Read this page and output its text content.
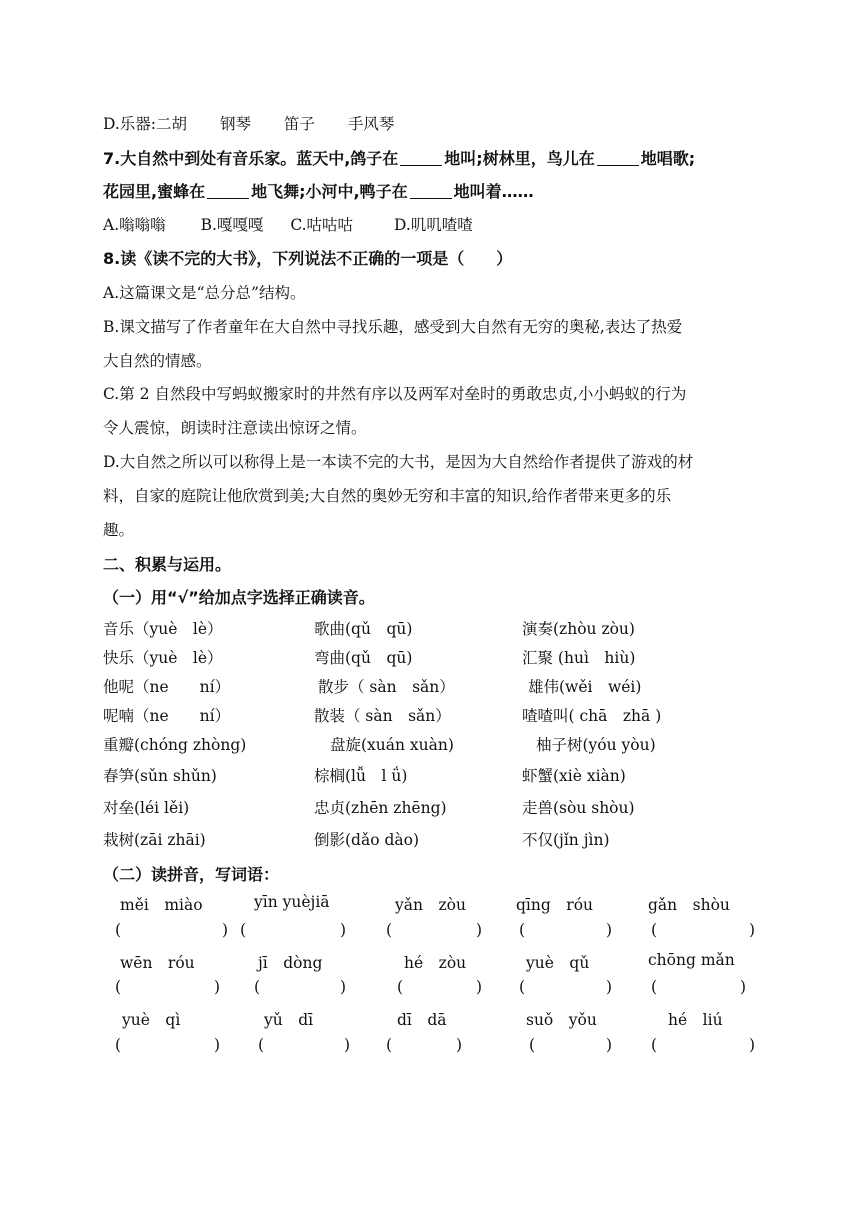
D.乐器:二胡 钢琴 笛子 手风琴
7.大自然中到处有音乐家。蓝天中,鸽子在	地叫;树林里，鸟儿在	地唱歌;
花园里,蜜蜂在	地飞舞;小河中,鸭子在	地叫着……
A.嗡嗡嗡 B.嘎嘎嘎 C.咕咕咕	D.叽叽喳喳
8.读《读不完的大书》，下列说法不正确的一项是（　　）
A.这篇课文是“总分总”结构。
B.课文描写了作者童年在大自然中寻找乐趣，感受到大自然有无穷的奥秘,表达了热爱
大自然的情感。
C.第 2 自然段中写蚂蚁搬家时的井然有序以及两军对垒时的勇敢忠贞,小小蚂蚁的行为
令人震惊，朗读时注意读出惊讶之情。
D.大自然之所以可以称得上是一本读不完的大书，是因为大自然给作者提供了游戏的材
料，自家的庭院让他欣赏到美;大自然的奥妙无穷和丰富的知识,给作者带来更多的乐
趣。
二、积累与运用。
（一）用“√”给加点字选择正确读音。
音乐（yuè　lè）	歌曲(qǔ　qū)	演奏(zhòu zòu)
快乐（yuè　lè）	弯曲(qǔ　qū)	汇聚 (huì　hiù)
他呢（ne　　ní）	散步（ sàn　sǎn）	雄伟(wěi　wéi)
呢喃（ne　　ní）	散装（ sàn　sǎn）	喳喳叫( chā　zhā )
重瓣(chóng zhòng)	盘旋(xuán xuàn)	柚子树(yóu yòu)
春笋(sǔn shǔn)	棕榈(lǚ　l ǘ)	虾蟹(xiè xiàn)
对垒(léi lěi)	忠贞(zhēn zhēng)	走兽(sòu shòu)
栽树(zāi zhāi)	倒影(dǎo dào)	不仅(jǐn jìn)
（二）读拼音，写词语：
měi　miào	yīn yuèjiā	yǎn　zòu	qīng　róu	gǎn　shòu
(	) (	)	(	) (	)	(	)
wēn　róu	jī　dòng	hé　zòu	yuè　qǔ	chōng mǎn
(	) (	)	(	) (	)	(	)
yuè　qì	yǔ　dī	dī　dā	suǒ　yǒu	hé　liú
(	) (	) (	)	(	)	(	)
